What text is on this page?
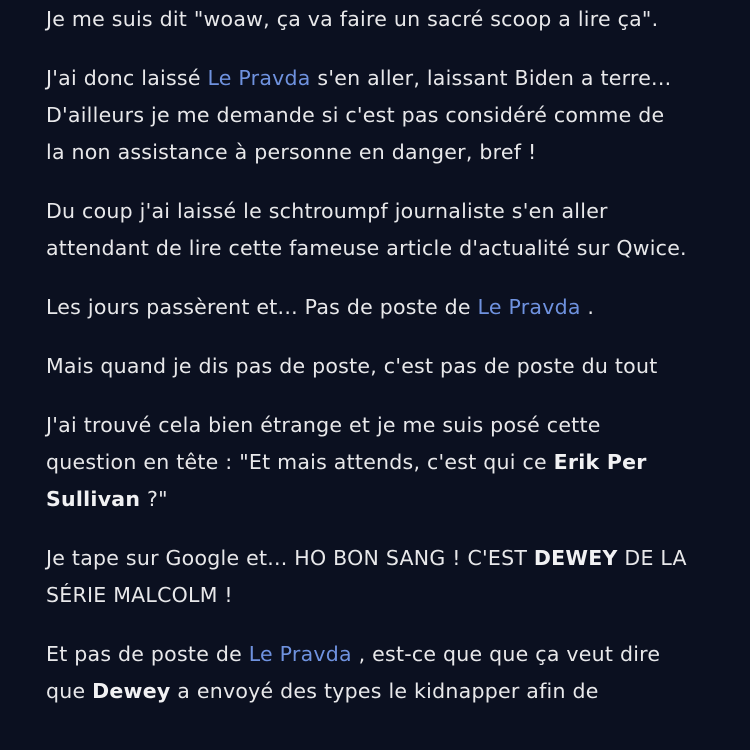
Je me suis dit "woaw, ça va faire un sacré scoop a lire ça".

J'ai donc laissé Le Pravda s'en aller, laissant Biden a terre... D'ailleurs je me demande si c'est pas considéré comme de la non assistance à personne en danger, bref !

Du coup j'ai laissé le schtroumpf journaliste s'en aller attendant de lire cette fameuse article d'actualité sur Qwice.

Les jours passèrent et... Pas de poste de Le Pravda .

Mais quand je dis pas de poste, c'est pas de poste du tout

J'ai trouvé cela bien étrange et je me suis posé cette question en tête : "Et mais attends, c'est qui ce Erik Per Sullivan ?"

Je tape sur Google et... HO BON SANG ! C'EST DEWEY DE LA SÉRIE MALCOLM !

Et pas de poste de Le Pravda , est-ce que que ça veut dire que Dewey a envoyé des types le kidnapper afin de
